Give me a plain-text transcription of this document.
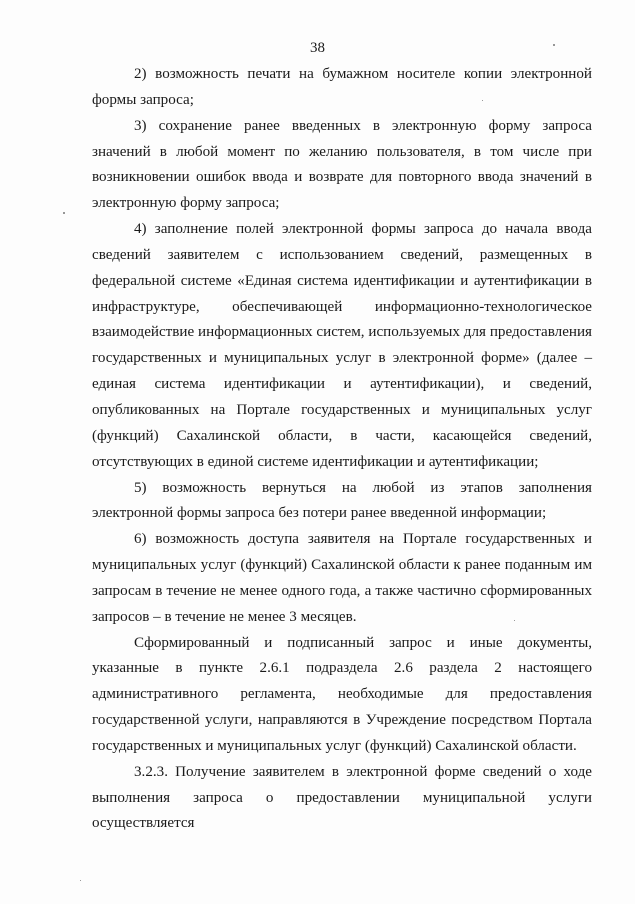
38

2) возможность печати на бумажном носителе копии электронной формы запроса;

3) сохранение ранее введенных в электронную форму запроса значений в любой момент по желанию пользователя, в том числе при возникновении ошибок ввода и возврате для повторного ввода значений в электронную форму запроса;

4) заполнение полей электронной формы запроса до начала ввода сведений заявителем с использованием сведений, размещенных в федеральной системе «Единая система идентификации и аутентификации в инфраструктуре, обеспечивающей информационно-технологическое взаимодействие информационных систем, используемых для предоставления государственных и муниципальных услуг в электронной форме» (далее – единая система идентификации и аутентификации), и сведений, опубликованных на Портале государственных и муниципальных услуг (функций) Сахалинской области, в части, касающейся сведений, отсутствующих в единой системе идентификации и аутентификации;

5) возможность вернуться на любой из этапов заполнения электронной формы запроса без потери ранее введенной информации;

6) возможность доступа заявителя на Портале государственных и муниципальных услуг (функций) Сахалинской области к ранее поданным им запросам в течение не менее одного года, а также частично сформированных запросов – в течение не менее 3 месяцев.

Сформированный и подписанный запрос и иные документы, указанные в пункте 2.6.1 подраздела 2.6 раздела 2 настоящего административного регламента, необходимые для предоставления государственной услуги, направляются в Учреждение посредством Портала государственных и муниципальных услуг (функций) Сахалинской области.

3.2.3. Получение заявителем в электронной форме сведений о ходе выполнения запроса о предоставлении муниципальной услуги осуществляется
